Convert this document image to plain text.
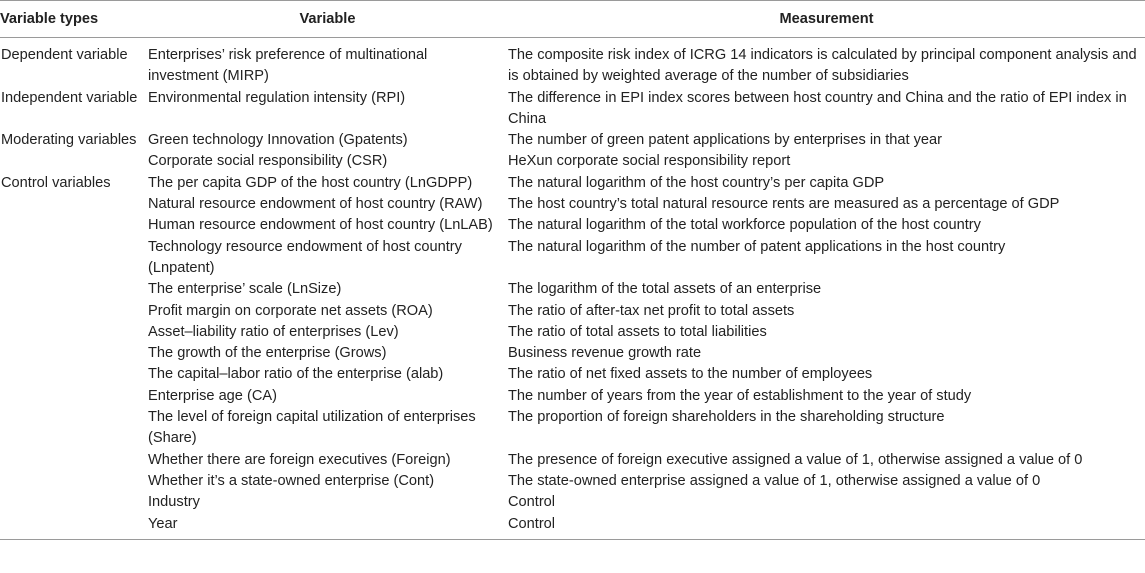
Variable types	Variable	Measurement
Dependent variable	Enterprises’ risk preference of multinational investment (MIRP)	The composite risk index of ICRG 14 indicators is calculated by principal component analysis and is obtained by weighted average of the number of subsidiaries
Independent variable	Environmental regulation intensity (RPI)	The difference in EPI index scores between host country and China and the ratio of EPI index in China
Moderating variables	Green technology Innovation (Gpatents)	The number of green patent applications by enterprises in that year
	Corporate social responsibility (CSR)	HeXun corporate social responsibility report
Control variables	The per capita GDP of the host country (LnGDPP)	The natural logarithm of the host country’s per capita GDP
	Natural resource endowment of host country (RAW)	The host country’s total natural resource rents are measured as a percentage of GDP
	Human resource endowment of host country (LnLAB)	The natural logarithm of the total workforce population of the host country
	Technology resource endowment of host country (Lnpatent)	The natural logarithm of the number of patent applications in the host country
	The enterprise’ scale (LnSize)	The logarithm of the total assets of an enterprise
	Profit margin on corporate net assets (ROA)	The ratio of after-tax net profit to total assets
	Asset–liability ratio of enterprises (Lev)	The ratio of total assets to total liabilities
	The growth of the enterprise (Grows)	Business revenue growth rate
	The capital–labor ratio of the enterprise (alab)	The ratio of net fixed assets to the number of employees
	Enterprise age (CA)	The number of years from the year of establishment to the year of study
	The level of foreign capital utilization of enterprises (Share)	The proportion of foreign shareholders in the shareholding structure
	Whether there are foreign executives (Foreign)	The presence of foreign executive assigned a value of 1, otherwise assigned a value of 0
	Whether it’s a state-owned enterprise (Cont)	The state-owned enterprise assigned a value of 1, otherwise assigned a value of 0
	Industry	Control
	Year	Control
